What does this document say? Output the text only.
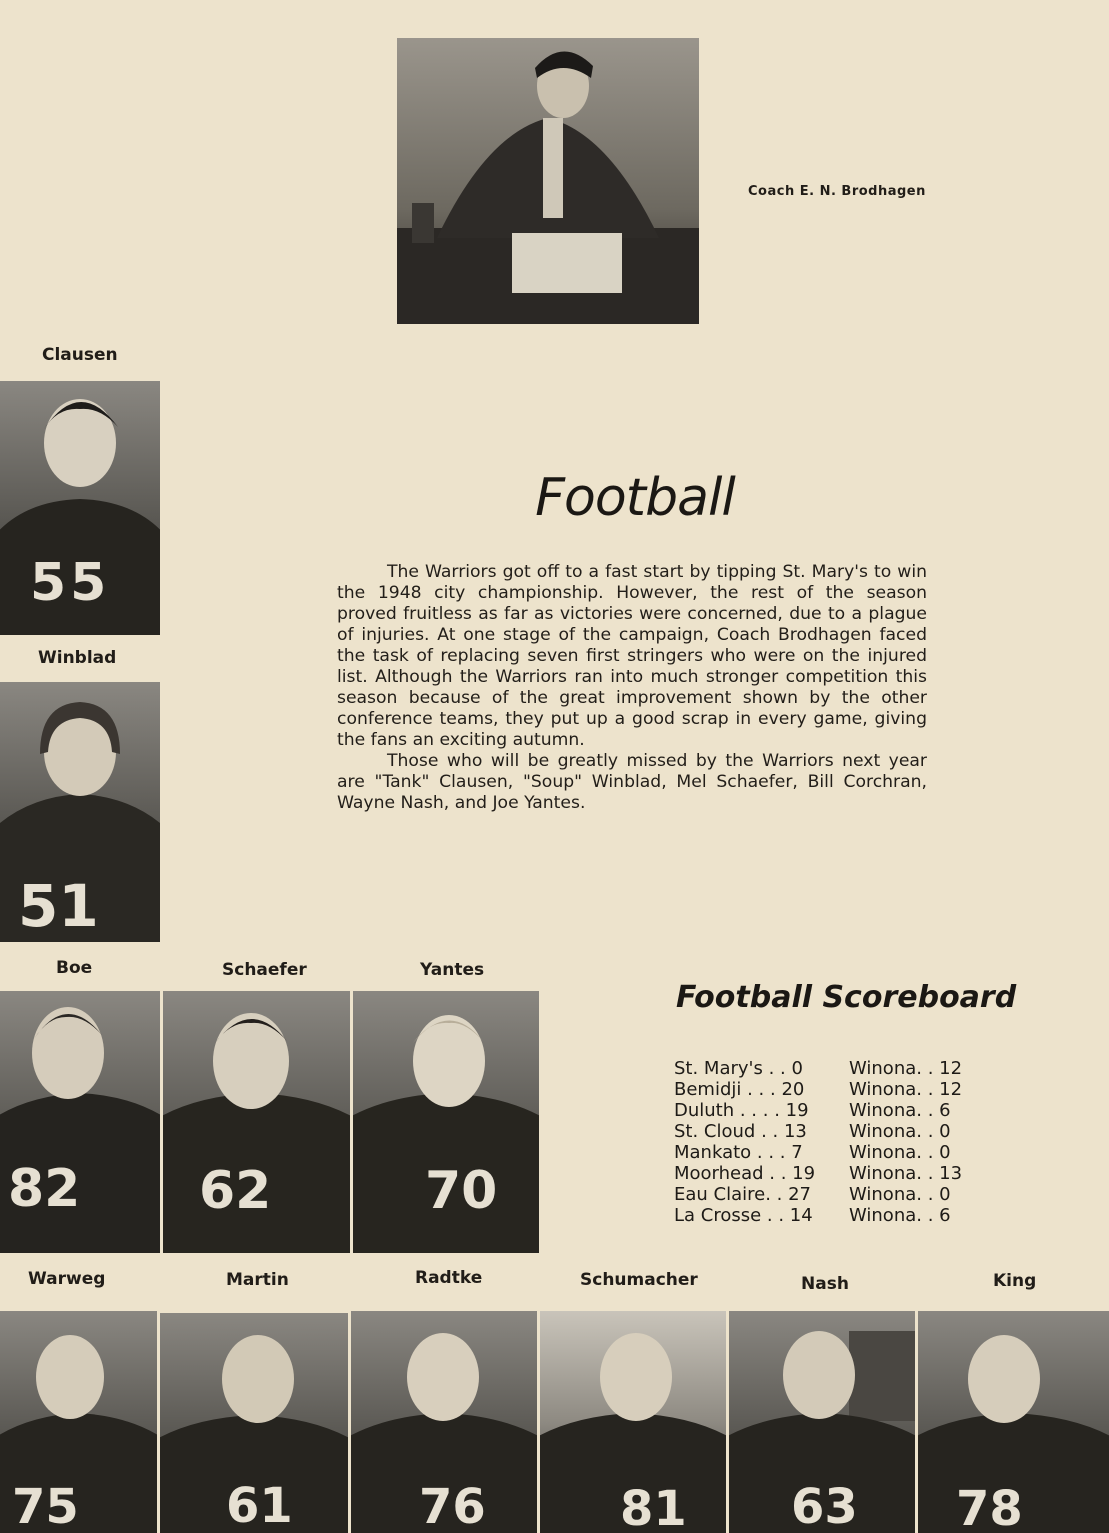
Coach E. N. Brodhagen
Clausen
55
Winblad
51
Football

The Warriors got off to a fast start by tipping St. Mary's to win the 1948 city championship. However, the rest of the season proved fruitless as far as victories were concerned, due to a plague of injuries. At one stage of the campaign, Coach Brodhagen faced the task of replacing seven first stringers who were on the injured list. Although the Warriors ran into much stronger competition this season because of the great improvement shown by the other conference teams, they put up a good scrap in every game, giving the fans an exciting autumn.

Those who will be greatly missed by the Warriors next year are "Tank" Clausen, "Soup" Winblad, Mel Schaefer, Bill Corchran, Wayne Nash, and Joe Yantes.

Boe	Schaefer	Yantes
82 62	70
Football Scoreboard
St. Mary's . . 0	Winona. . 12
Bemidji . . . 20	Winona. . 12
Duluth . . . . 19	Winona. . 6
St. Cloud . . 13	Winona. . 0
Mankato . . . 7	Winona. . 0
Moorhead . . 19	Winona. . 13
Eau Claire. . 27	Winona. . 0
La Crosse . . 14	Winona. . 6
Warweg	Martin	Radtke	Schumacher	Nash	King
75	61	76	81 63 78
